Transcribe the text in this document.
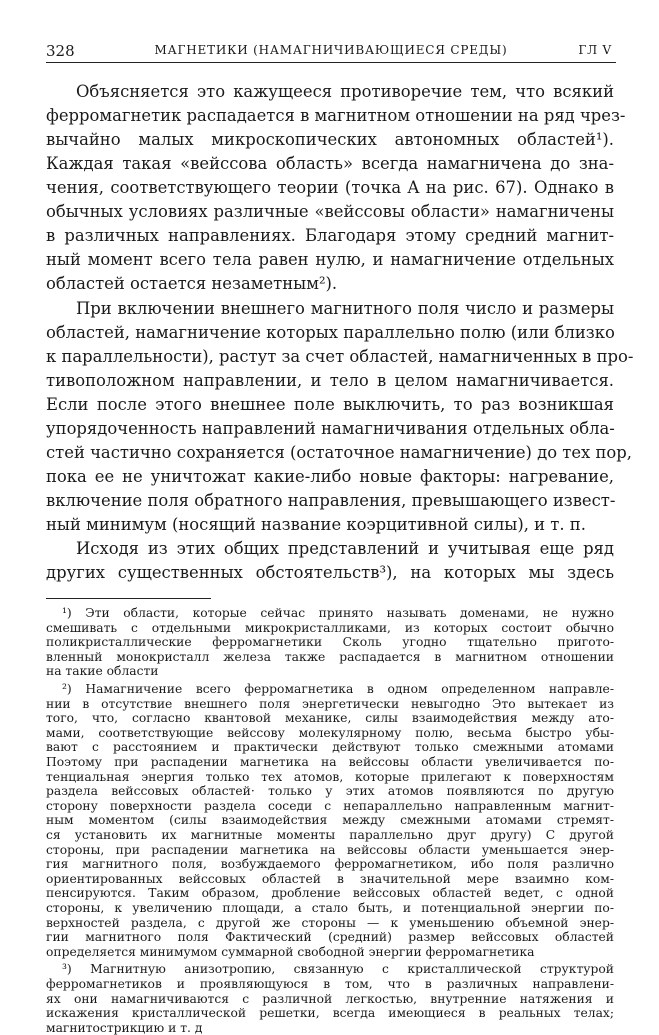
328	МАГНЕТИКИ (НАМАГНИЧИВАЮЩИЕСЯ СРЕДЫ)	ГЛ V
Объясняется это кажущееся противоречие тем, что всякий
ферромагнетик распадается в магнитном отношении на ряд чрез-
вычайно малых микроскопических автономных областей¹).
Каждая такая «вейссова область» всегда намагничена до зна-
чения, соответствующего теории (точка A на рис. 67). Однако в
обычных условиях различные «вейссовы области» намагничены
в различных направлениях. Благодаря этому средний магнит-
ный момент всего тела равен нулю, и намагничение отдельных
областей остается незаметным²).
При включении внешнего магнитного поля число и размеры
областей, намагничение которых параллельно полю (или близко
к параллельности), растут за счет областей, намагниченных в про-
тивоположном направлении, и тело в целом намагничивается.
Если после этого внешнее поле выключить, то раз возникшая
упорядоченность направлений намагничивания отдельных обла-
стей частично сохраняется (остаточное намагничение) до тех пор,
пока ее не уничтожат какие-либо новые факторы: нагревание,
включение поля обратного направления, превышающего извест-
ный минимум (носящий название коэрцитивной силы), и т. п.
Исходя из этих общих представлений и учитывая еще ряд
других существенных обстоятельств³), на которых мы здесь
¹) Эти области, которые сейчас принято называть доменами, не нужно
смешивать с отдельными микрокристалликами, из которых состоит обычно
поликристаллические ферромагнетики Сколь угодно тщательно пригото-
вленный монокристалл железа также распадается в магнитном отношении
на такие области
²) Намагничение всего ферромагнетика в одном определенном направле-
нии в отсутствие внешнего поля энергетически невыгодно Это вытекает из
того, что, согласно квантовой механике, силы взаимодействия между ато-
мами, соответствующие вейссову молекулярному полю, весьма быстро убы-
вают с расстоянием и практически действуют только смежными атомами
Поэтому при распадении магнетика на вейссовы области увеличивается по-
тенциальная энергия только тех атомов, которые прилегают к поверхностям
раздела вейссовых областей· только у этих атомов появляются по другую
сторону поверхности раздела соседи с непараллельно направленным магнит-
ным моментом (силы взаимодействия между смежными атомами стремят-
ся установить их магнитные моменты параллельно друг другу) С другой
стороны, при распадении магнетика на вейссовы области уменьшается энер-
гия магнитного поля, возбуждаемого ферромагнетиком, ибо поля различно
ориентированных вейссовых областей в значительной мере взаимно ком-
пенсируются. Таким образом, дробление вейссовых областей ведет, с одной
стороны, к увеличению площади, а стало быть, и потенциальной энергии по-
верхностей раздела, с другой же стороны — к уменьшению объемной энер-
гии магнитного поля Фактический (средний) размер вейссовых областей
определяется минимумом суммарной свободной энергии ферромагнетика
³) Магнитную анизотропию, связанную с кристаллической структурой
ферромагнетиков и проявляющуюся в том, что в различных направлени-
ях они намагничиваются с различной легкостью, внутренние натяжения и
искажения кристаллической решетки, всегда имеющиеся в реальных телах;
магнитострикцию и т. д
